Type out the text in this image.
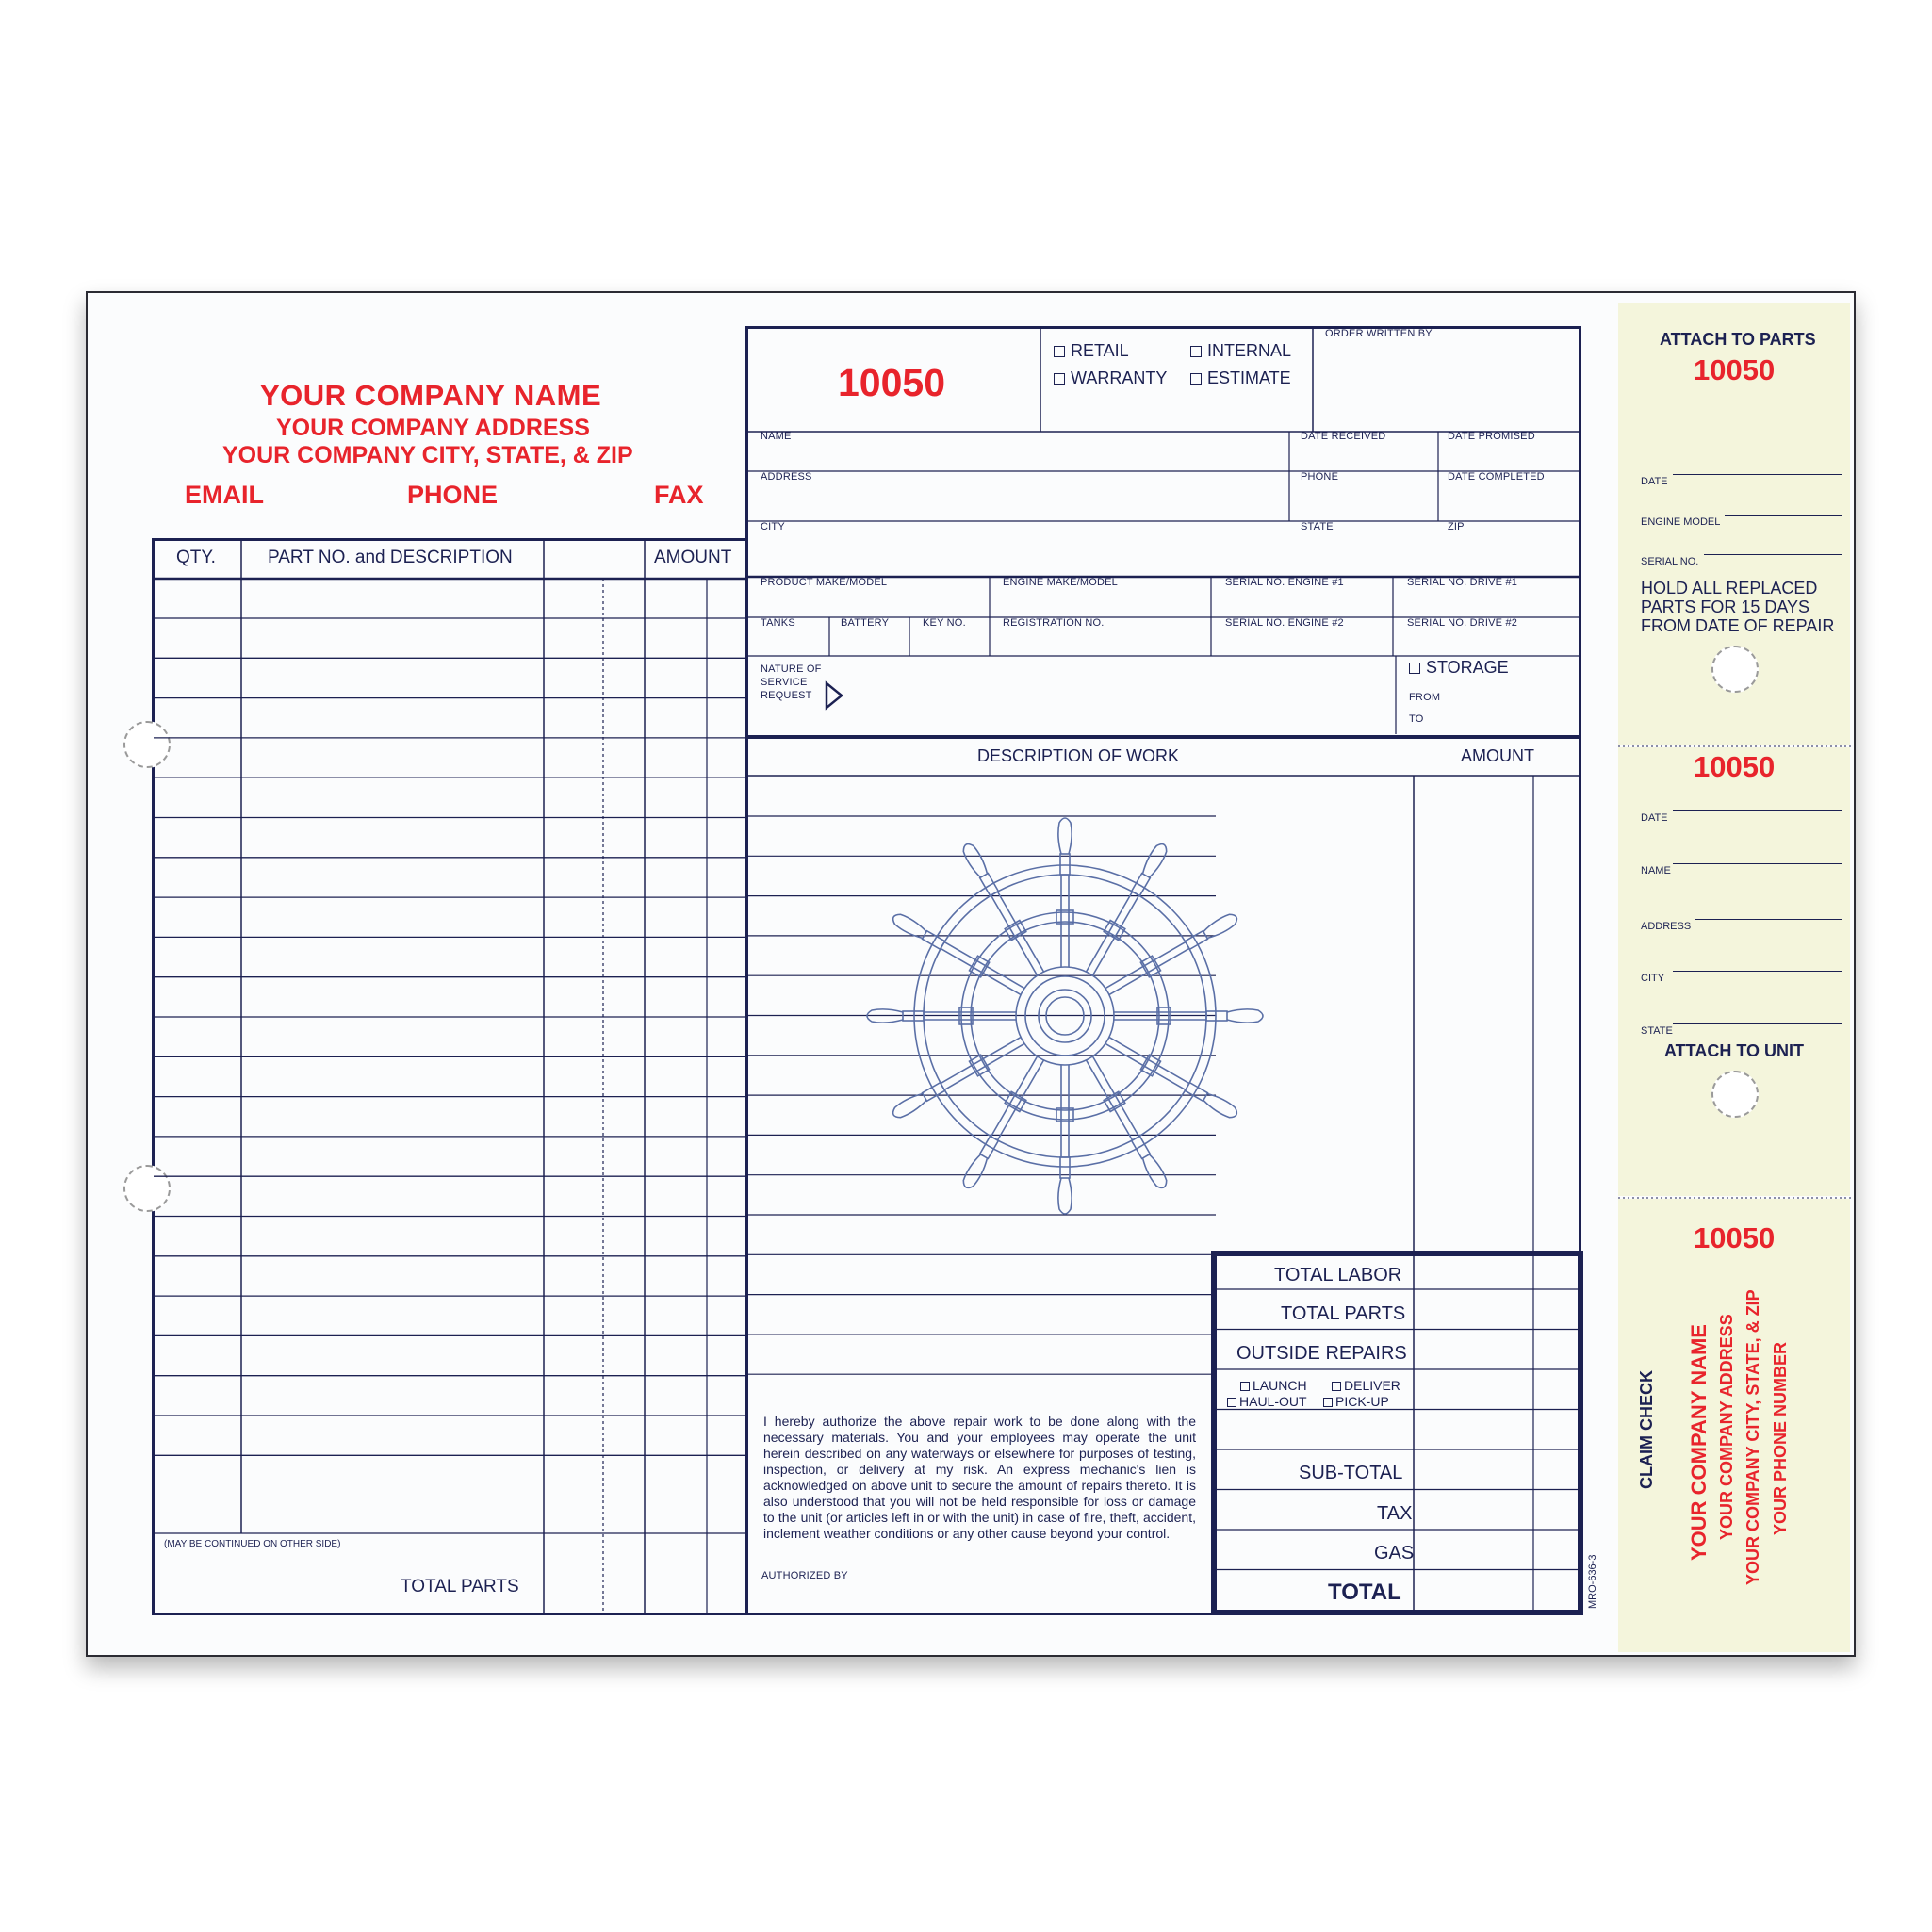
YOUR COMPANY NAME
YOUR COMPANY ADDRESS
YOUR COMPANY CITY, STATE, & ZIP
EMAIL	PHONE	FAX
QTY.	PART NO. and DESCRIPTION	AMOUNT
(MAY BE CONTINUED ON OTHER SIDE)
TOTAL PARTS
10050
RETAIL	INTERNAL
WARRANTY	ESTIMATE
ORDER WRITTEN BY
NAME	DATE RECEIVED	DATE PROMISED
ADDRESS	PHONE	DATE COMPLETED
CITY	STATE	ZIP
PRODUCT MAKE/MODEL	ENGINE MAKE/MODEL	SERIAL NO. ENGINE #1	SERIAL NO. DRIVE #1
TANKS	BATTERY	KEY NO.	REGISTRATION NO.	SERIAL NO. ENGINE #2	SERIAL NO. DRIVE #2
NATURE OF
SERVICE
REQUEST
STORAGE
FROM
TO
DESCRIPTION OF WORK	AMOUNT
TOTAL LABOR
TOTAL PARTS
OUTSIDE REPAIRS
LAUNCH	DELIVER
HAUL-OUT	PICK-UP
SUB-TOTAL
TAX
GAS
TOTAL
I hereby authorize the above repair work to be done along with the necessary materials. You and your employees may operate the unit herein described on any waterways or elsewhere for purposes of testing, inspection, or delivery at my risk. An express mechanic's lien is acknowledged on above unit to secure the amount of repairs thereto. It is also understood that you will not be held responsible for loss or damage to the unit (or articles left in or with the unit) in case of fire, theft, accident, inclement weather conditions or any other cause beyond your control.
AUTHORIZED BY	MRO-636-3
ATTACH TO PARTS
10050
DATE
ENGINE MODEL
SERIAL NO.
HOLD ALL REPLACED
PARTS FOR 15 DAYS
FROM DATE OF REPAIR
10050
DATE
NAME
ADDRESS
CITY
STATE
ATTACH TO UNIT
10050
CLAIM CHECK YOUR COMPANY NAME YOUR COMPANY ADDRESS YOUR COMPANY CITY, STATE, & ZIP YOUR PHONE NUMBER
